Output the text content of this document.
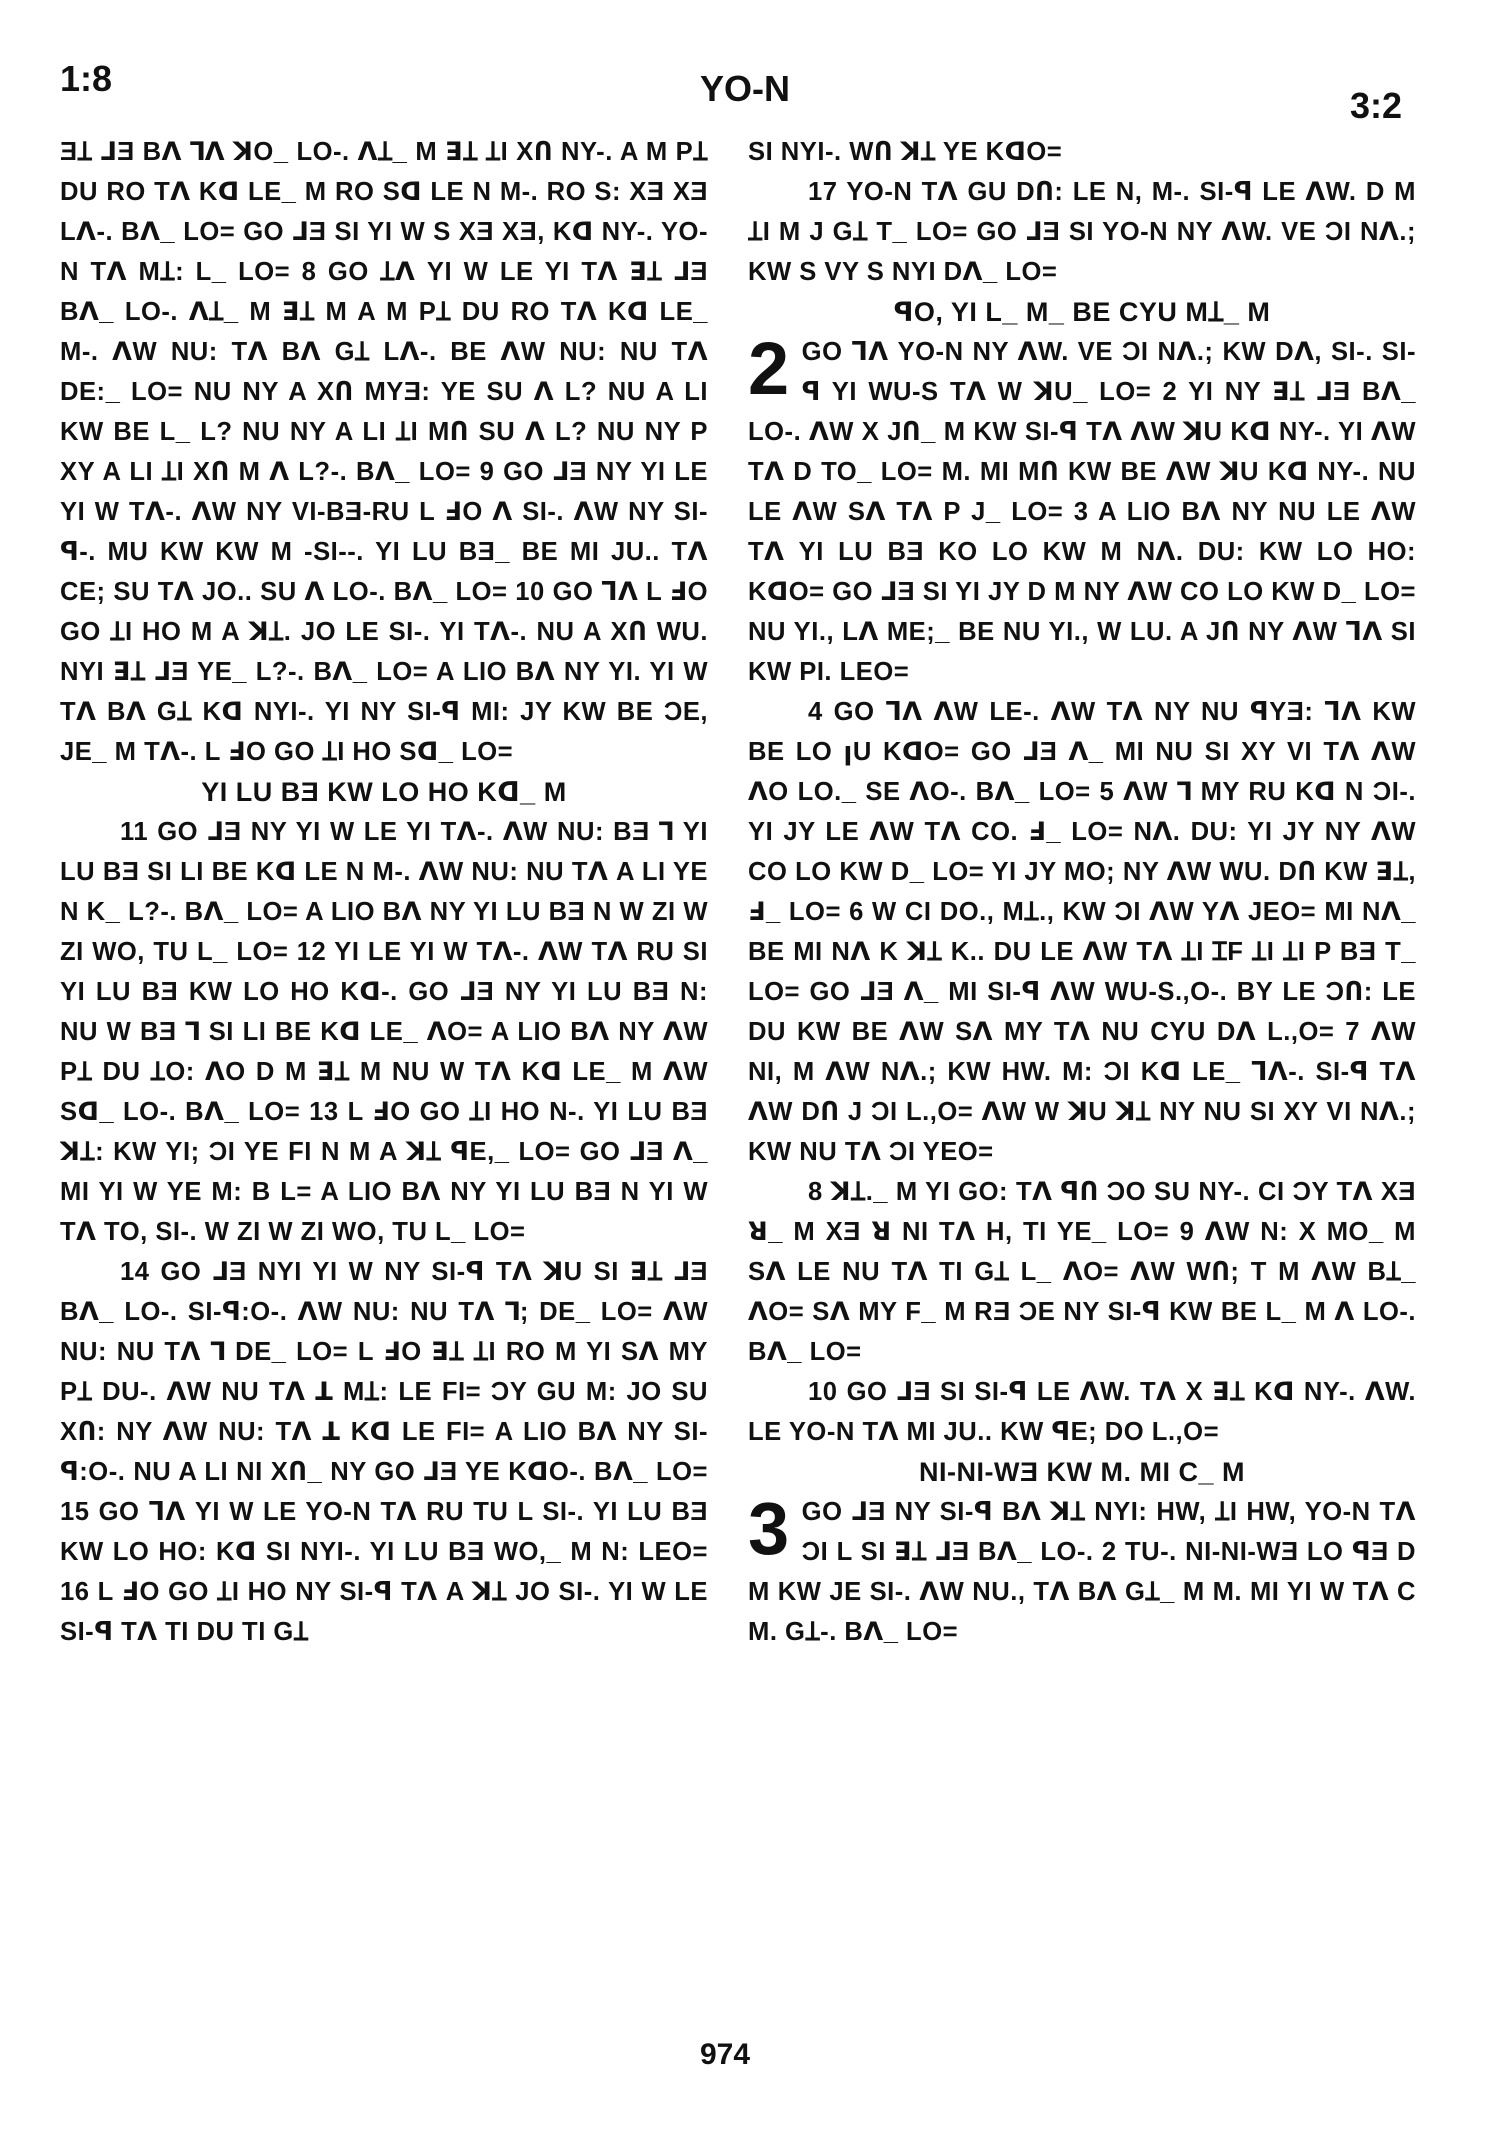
1:8	YO-N	3:2

ƎꞱ ⅃Ǝ Bꓥ ⅂ꓥ ꓘO_ LO-. ꓥꞱ_ M ꓱꞱ ꞱI XՈ NY-. A M PꞱ DU RO Tꓥ Kꓷ LE_ M RO Sꓷ LE N M-. RO S: XƎ XƎ Lꓥ-. Bꓥ_ LO= GO ⅃Ǝ SI YI W S XƎ XƎ, Kꓷ NY-. YO-N Tꓥ MꞱ: L_ LO= 8 GO Ʇꓥ YI W LE YI Tꓥ ꓱꞱ ⅃Ǝ Bꓥ_ LO-. ꓥꞱ_ M ꓱꞱ M A M PꞱ DU RO Tꓥ Kꓷ LE_ M-. ꓥW NU: Tꓥ Bꓥ GꞱ Lꓥ-. BE ꓥW NU: NU Tꓥ DE:_ LO= NU NY A XՈ MYƎ: YE SU ꓥ L? NU A LI KW BE L_ L? NU NY A LI ꞱI MՈ SU ꓥ L? NU NY P XY A LI ꞱI XՈ M ꓥ L?-. Bꓥ_ LO= 9 GO ⅃Ǝ NY YI LE YI W Tꓥ-. ꓥW NY VI-BƎ-RU L ꓞO ꓥ SI-. ꓥW NY SI-ꟼ-. MU KW KW M -SI--. YI LU BƎ_ BE MI JU.. Tꓥ CE; SU Tꓥ JO.. SU ꓥ LO-. Bꓥ_ LO= 10 GO Ꞁꓥ L ꓞO GO ꞱI HO M A ꓘꞱ. JO LE SI-. YI Tꓥ-. NU A XՈ WU. NYI ꓱꞱ ⅃Ǝ YE_ L?-. Bꓥ_ LO= A LIO Bꓥ NY YI. YI W Tꓥ Bꓥ GꞱ Kꓷ NYI-. YI NY SI-ꟼ MI: JY KW BE ƆE, JE_ M Tꓥ-. L ꓞO GO ꞱI HO Sꓷ_ LO=

YI LU BƎ KW LO HO Kꓷ_ M

11 GO ⅃Ǝ NY YI W LE YI Tꓥ-. ꓥW NU: BƎ ꓶ YI LU BƎ SI LI BE Kꓷ LE N M-. ꓥW NU: NU Tꓥ A LI YE N K_ L?-. Bꓥ_ LO= A LIO Bꓥ NY YI LU BƎ N W ZI W ZI WO, TU L_ LO= 12 YI LE YI W Tꓥ-. ꓥW Tꓥ RU SI YI LU BƎ KW LO HO Kꓷ-. GO ⅃Ǝ NY YI LU BƎ N: NU W BƎ ꓶ SI LI BE Kꓷ LE_ ꓥO= A LIO Bꓥ NY ꓥW PꞱ DU ꞱO: ꓥO D M ꓱꞱ M NU W Tꓥ Kꓷ LE_ M ꓥW Sꓷ_ LO-. Bꓥ_ LO= 13 L ꓞO GO ꞱI HO N-. YI LU BƎ ꓘꞱ: KW YI; ƆI YE FI N M A ꓘꞱ ꟼE,_ LO= GO ⅃Ǝ ꓥ_ MI YI W YE M: B L= A LIO Bꓥ NY YI LU BƎ N YI W Tꓥ TO, SI-. W ZI W ZI WO, TU L_ LO=

14 GO ⅃Ǝ NYI YI W NY SI-ꟼ Tꓥ ꓘU SI ꓱꞱ ⅃Ǝ Bꓥ_ LO-. SI-ꟼ:O-. ꓥW NU: NU Tꓥ ꓶ; DE_ LO= ꓥW NU: NU Tꓥ ꓶ DE_ LO= L ꓞO ꓱꞱ ꞱI RO M YI Sꓥ MY PꞱ DU-. ꓥW NU Tꓥ ꓕ MꞱ: LE FI= ƆY GU M: JO SU XՈ: NY ꓥW NU: Tꓥ ꓕ Kꓷ LE FI= A LIO Bꓥ NY SI-ꟼ:O-. NU A LI NI XՈ_ NY GO ⅃Ǝ YE KꓷO-. Bꓥ_ LO= 15 GO Ꞁꓥ YI W LE YO-N Tꓥ RU TU L SI-. YI LU BƎ KW LO HO: Kꓷ SI NYI-. YI LU BƎ WO,_ M N: LEO= 16 L ꓞO GO ꞱI HO NY SI-ꟼ Tꓥ A ꓘꞱ JO SI-. YI W LE SI-ꟼ Tꓥ TI DU TI GꞱ

SI NYI-. WՈ ꓘꞱ YE KꓷO=

17 YO-N Tꓥ GU DՈ: LE N, M-. SI-ꟼ LE ꓥW. D M ꞱI M J GꞱ T_ LO= GO ⅃Ǝ SI YO-N NY ꓥW. VE ƆI Nꓥ.; KW S VY S NYI Dꓥ_ LO=

ꟼO, YI L_ M_ BE CYU MꞱ_ M

2 GO Ꞁꓥ YO-N NY ꓥW. VE ƆI Nꓥ.; KW Dꓥ, SI-. SI-ꟼ YI WU-S Tꓥ W ꓘU_ LO= 2 YI NY ꓱꞱ ⅃Ǝ Bꓥ_ LO-. ꓥW X JՈ_ M KW SI-ꟼ Tꓥ ꓥW ꓘU Kꓷ NY-. YI ꓥW Tꓥ D TO_ LO= M. MI MՈ KW BE ꓥW ꓘU Kꓷ NY-. NU LE ꓥW Sꓥ Tꓥ P J_ LO= 3 A LIO Bꓥ NY NU LE ꓥW Tꓥ YI LU BƎ KO LO KW M Nꓥ. DU: KW LO HO: KꓷO= GO ⅃Ǝ SI YI JY D M NY ꓥW CO LO KW D_ LO= NU YI., Lꓥ ME;_ BE NU YI., W LU. A JՈ NY ꓥW Ꞁꓥ SI KW PI. LEO=

4 GO Ꞁꓥ ꓥW LE-. ꓥW Tꓥ NY NU ꟼYƎ: Ꞁꓥ KW BE LO ꞁU KꓷO= GO ⅃Ǝ ꓥ_ MI NU SI XY VI Tꓥ ꓥW ꓥO LO._ SE ꓥO-. Bꓥ_ LO= 5 ꓥW ꓶ MY RU Kꓷ N ƆI-. YI JY LE ꓥW Tꓥ CO. ꓞ_ LO= Nꓥ. DU: YI JY NY ꓥW CO LO KW D_ LO= YI JY MO; NY ꓥW WU. DՈ KW ꓱꞱ, ꓞ_ LO= 6 W CI DO., MꞱ., KW ƆI ꓥW Yꓥ JEO= MI Nꓥ_ BE MI Nꓥ K ꓘꞱ K.. DU LE ꓥW Tꓥ ꞱI ꞮF ꞱI ꞱI P BƎ T_ LO= GO ⅃Ǝ ꓥ_ MI SI-ꟼ ꓥW WU-S.,O-. BY LE ƆՈ: LE DU KW BE ꓥW Sꓥ MY Tꓥ NU CYU Dꓥ L.,O= 7 ꓥW NI, M ꓥW Nꓥ.; KW HW. M: ƆI Kꓷ LE_ Ꞁꓥ-. SI-ꟼ Tꓥ ꓥW DՈ J ƆI L.,O= ꓥW W ꓘU ꓘꞱ NY NU SI XY VI Nꓥ.; KW NU Tꓥ ƆI YEO=

8 ꓘꞱ._ M YI GO: Tꓥ ꟼՈ ƆO SU NY-. CI ƆY Tꓥ XƎ ꓤ_ M XƎ ꓤ NI Tꓥ H, TI YE_ LO= 9 ꓥW N: X MO_ M Sꓥ LE NU Tꓥ TI GꞱ L_ ꓥO= ꓥW WՈ; T M ꓥW BꞱ_ ꓥO= Sꓥ MY F_ M RƎ ƆE NY SI-ꟼ KW BE L_ M ꓥ LO-. Bꓥ_ LO=

10 GO ⅃Ǝ SI SI-ꟼ LE ꓥW. Tꓥ X ꓱꞱ Kꓷ NY-. ꓥW. LE YO-N Tꓥ MI JU.. KW ꟼE; DO L.,O=

NI-NI-WƎ KW M. MI C_ M

3 GO ⅃Ǝ NY SI-ꟼ Bꓥ ꓘꞱ NYI: HW, ꞱI HW, YO-N Tꓥ ƆI L SI ꓱꞱ ⅃Ǝ Bꓥ_ LO-. 2 TU-. NI-NI-WƎ LO ꟼƎ D M KW JE SI-. ꓥW NU., Tꓥ Bꓥ GꞱ_ M M. MI YI W Tꓥ C M. GꞱ-. Bꓥ_ LO=

974
